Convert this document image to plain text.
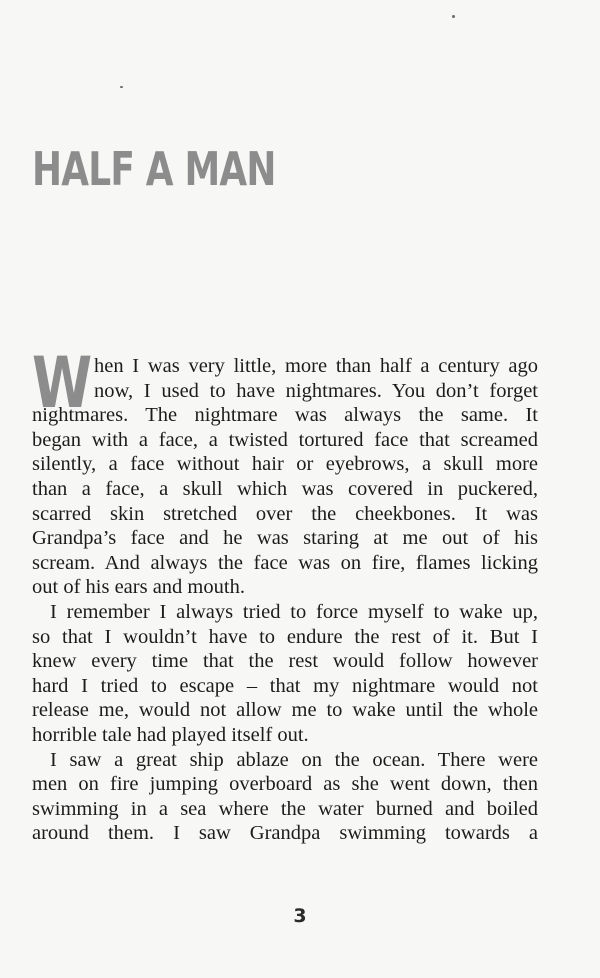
HALF A MAN
W hen I was very little, more than half a century ago
now, I used to have nightmares. You don’t forget
nightmares. The nightmare was always the same. It
began with a face, a twisted tortured face that screamed
silently, a face without hair or eyebrows, a skull more
than a face, a skull which was covered in puckered,
scarred skin stretched over the cheekbones. It was
Grandpa’s face and he was staring at me out of his
scream. And always the face was on fire, flames licking
out of his ears and mouth.
I remember I always tried to force myself to wake up,
so that I wouldn’t have to endure the rest of it. But I
knew every time that the rest would follow however
hard I tried to escape – that my nightmare would not
release me, would not allow me to wake until the whole
horrible tale had played itself out.
I saw a great ship ablaze on the ocean. There were
men on fire jumping overboard as she went down, then
swimming in a sea where the water burned and boiled
around them. I saw Grandpa swimming towards a
3
